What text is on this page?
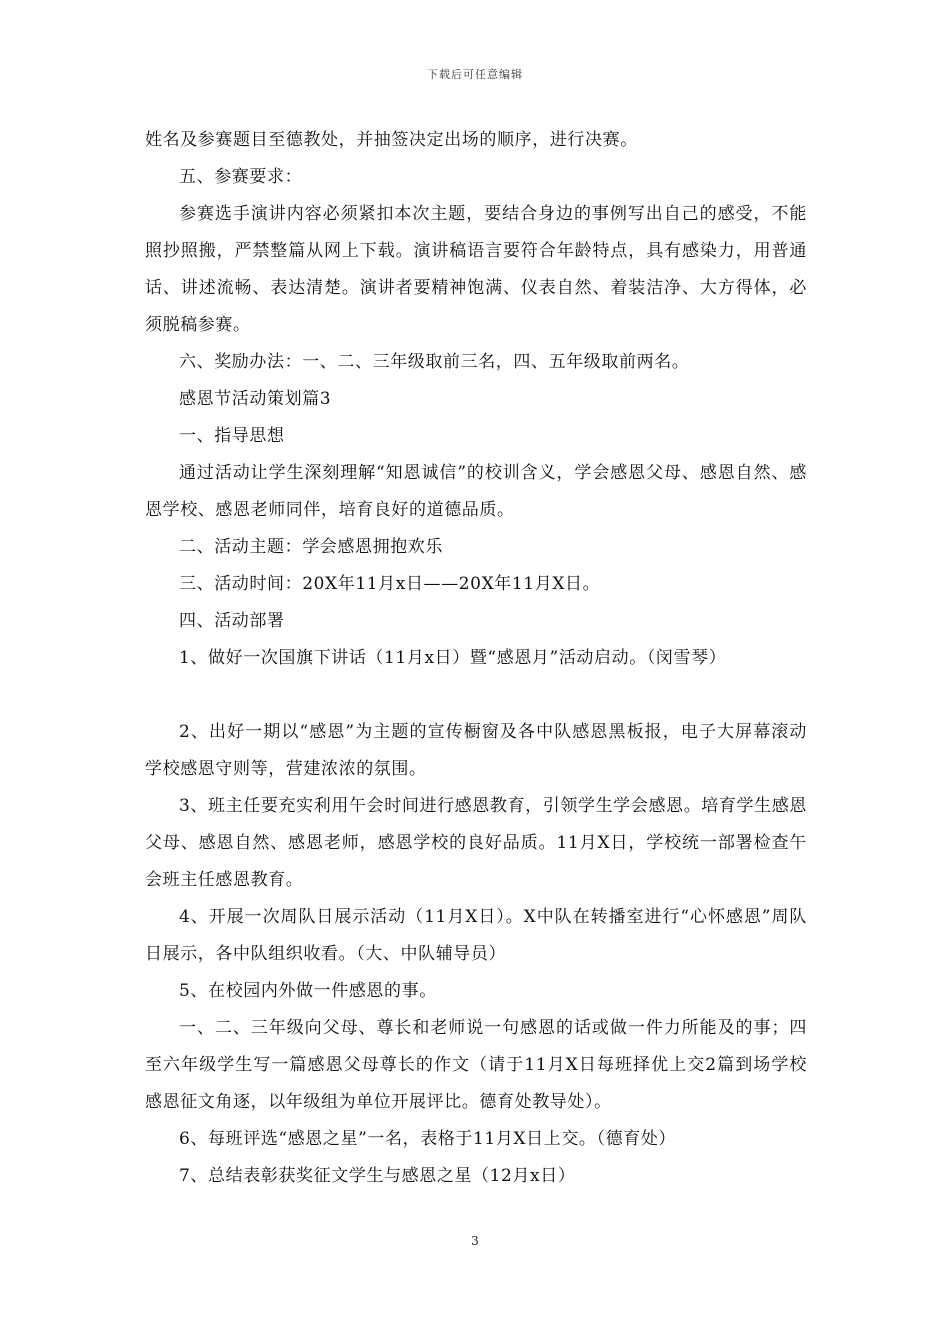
下载后可任意编辑

姓名及参赛题目至德教处，并抽签决定出场的顺序，进行决赛。

五、参赛要求：

参赛选手演讲内容必须紧扣本次主题，要结合身边的事例写出自己的感受，不能照抄照搬，严禁整篇从网上下载。演讲稿语言要符合年龄特点，具有感染力，用普通话、讲述流畅、表达清楚。演讲者要精神饱满、仪表自然、着装洁净、大方得体，必须脱稿参赛。

六、奖励办法：一、二、三年级取前三名，四、五年级取前两名。

感恩节活动策划篇3

一、指导思想

通过活动让学生深刻理解“知恩诚信”的校训含义，学会感恩父母、感恩自然、感恩学校、感恩老师同伴，培育良好的道德品质。

二、活动主题：学会感恩拥抱欢乐

三、活动时间：20X年11月x日——20X年11月X日。

四、活动部署

1、做好一次国旗下讲话（11月x日）暨“感恩月”活动启动。（闵雪琴）

2、出好一期以“感恩”为主题的宣传橱窗及各中队感恩黑板报，电子大屏幕滚动学校感恩守则等，营建浓浓的氛围。

3、班主任要充实利用午会时间进行感恩教育，引领学生学会感恩。培育学生感恩父母、感恩自然、感恩老师，感恩学校的良好品质。11月X日，学校统一部署检查午会班主任感恩教育。

4、开展一次周队日展示活动（11月X日）。X中队在转播室进行“心怀感恩”周队日展示，各中队组织收看。（大、中队辅导员）

5、在校园内外做一件感恩的事。

一、二、三年级向父母、尊长和老师说一句感恩的话或做一件力所能及的事；四至六年级学生写一篇感恩父母尊长的作文（请于11月X日每班择优上交2篇到场学校感恩征文角逐，以年级组为单位开展评比。德育处教导处）。

6、每班评选“感恩之星”一名，表格于11月X日上交。（德育处）

7、总结表彰获奖征文学生与感恩之星（12月x日）

3
